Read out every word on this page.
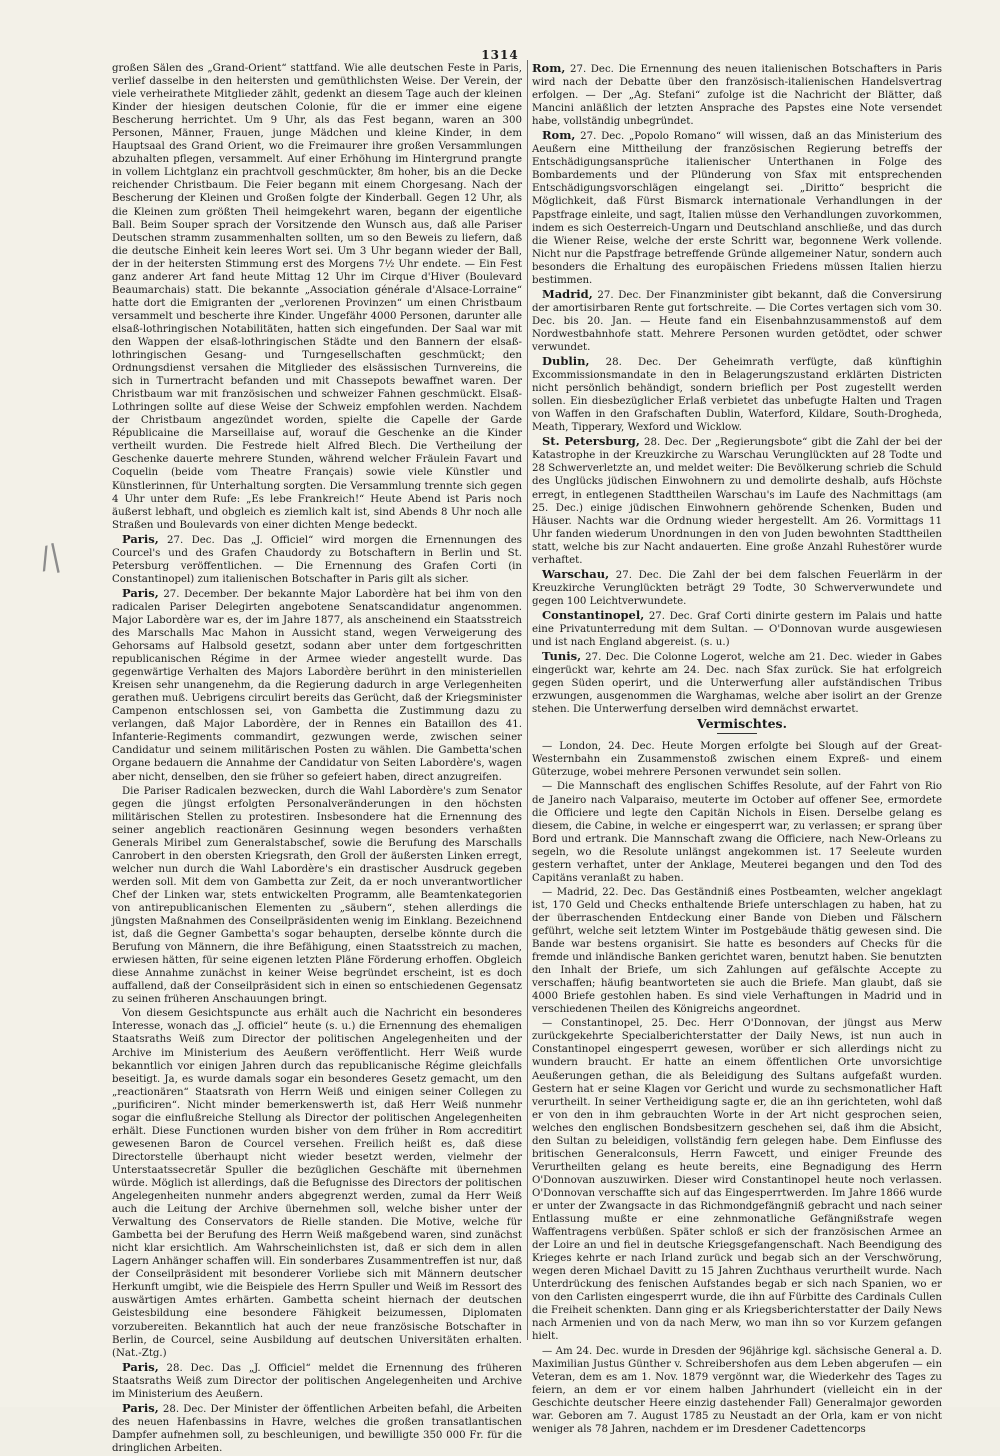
1314
/|

großen Sälen des „Grand-Orient“ stattfand. Wie alle deutschen Feste in Paris, verlief dasselbe in den heitersten und gemüthlichsten Weise. Der Verein, der viele verheirathete Mitglieder zählt, gedenkt an diesem Tage auch der kleinen Kinder der hiesigen deutschen Colonie, für die er immer eine eigene Bescherung herrichtet. Um 9 Uhr, als das Fest begann, waren an 300 Personen, Männer, Frauen, junge Mädchen und kleine Kinder, in dem Hauptsaal des Grand Orient, wo die Freimaurer ihre großen Versammlungen abzuhalten pflegen, versammelt. Auf einer Erhöhung im Hintergrund prangte in vollem Lichtglanz ein prachtvoll geschmückter, 8m hoher, bis an die Decke reichender Christbaum. Die Feier begann mit einem Chorgesang. Nach der Bescherung der Kleinen und Großen folgte der Kinderball. Gegen 12 Uhr, als die Kleinen zum größten Theil heimgekehrt waren, begann der eigentliche Ball. Beim Souper sprach der Vorsitzende den Wunsch aus, daß alle Pariser Deutschen stramm zusammenhalten sollten, um so den Beweis zu liefern, daß die deutsche Einheit kein leeres Wort sei. Um 3 Uhr begann wieder der Ball, der in der heitersten Stimmung erst des Morgens 7½ Uhr endete. — Ein Fest ganz anderer Art fand heute Mittag 12 Uhr im Cirque d'Hiver (Boulevard Beaumarchais) statt. Die bekannte „Association générale d'Alsace-Lorraine“ hatte dort die Emigranten der „verlorenen Provinzen“ um einen Christbaum versammelt und bescherte ihre Kinder. Ungefähr 4000 Personen, darunter alle elsaß-lothringischen Notabilitäten, hatten sich eingefunden. Der Saal war mit den Wappen der elsaß-lothringischen Städte und den Bannern der elsaß-lothringischen Gesang- und Turngesellschaften geschmückt; den Ordnungsdienst versahen die Mitglieder des elsässischen Turnvereins, die sich in Turnertracht befanden und mit Chassepots bewaffnet waren. Der Christbaum war mit französischen und schweizer Fahnen geschmückt. Elsaß-Lothringen sollte auf diese Weise der Schweiz empfohlen werden. Nachdem der Christbaum angezündet worden, spielte die Capelle der Garde Républicaine die Marseillaise auf, worauf die Geschenke an die Kinder vertheilt wurden. Die Festrede hielt Alfred Blech. Die Vertheilung der Geschenke dauerte mehrere Stunden, während welcher Fräulein Favart und Coquelin (beide vom Theatre Français) sowie viele Künstler und Künstlerinnen, für Unterhaltung sorgten. Die Versammlung trennte sich gegen 4 Uhr unter dem Rufe: „Es lebe Frankreich!“ Heute Abend ist Paris noch äußerst lebhaft, und obgleich es ziemlich kalt ist, sind Abends 8 Uhr noch alle Straßen und Boulevards von einer dichten Menge bedeckt.

Paris, 27. Dec. Das „J. Officiel“ wird morgen die Ernennungen des Courcel's und des Grafen Chaudordy zu Botschaftern in Berlin und St. Petersburg veröffentlichen. — Die Ernennung des Grafen Corti (in Constantinopel) zum italienischen Botschafter in Paris gilt als sicher.

Paris, 27. December. Der bekannte Major Labordère hat bei ihm von den radicalen Pariser Delegirten angebotene Senatscandidatur angenommen. Major Labordère war es, der im Jahre 1877, als anscheinend ein Staatsstreich des Marschalls Mac Mahon in Aussicht stand, wegen Verweigerung des Gehorsams auf Halbsold gesetzt, sodann aber unter dem fortgeschritten republicanischen Régime in der Armee wieder angestellt wurde. Das gegenwärtige Verhalten des Majors Labordère berührt in den ministeriellen Kreisen sehr unangenehm, da die Regierung dadurch in arge Verlegenheiten gerathen muß. Uebrigens circulirt bereits das Gerücht, daß der Kriegsminister Campenon entschlossen sei, von Gambetta die Zustimmung dazu zu verlangen, daß Major Labordère, der in Rennes ein Bataillon des 41. Infanterie-Regiments commandirt, gezwungen werde, zwischen seiner Candidatur und seinem militärischen Posten zu wählen. Die Gambetta'schen Organe bedauern die Annahme der Candidatur von Seiten Labordère's, wagen aber nicht, denselben, den sie früher so gefeiert haben, direct anzugreifen.

Die Pariser Radicalen bezwecken, durch die Wahl Labordère's zum Senator gegen die jüngst erfolgten Personalveränderungen in den höchsten militärischen Stellen zu protestiren. Insbesondere hat die Ernennung des seiner angeblich reactionären Gesinnung wegen besonders verhaßten Generals Miribel zum Generalstabschef, sowie die Berufung des Marschalls Canrobert in den obersten Kriegsrath, den Groll der äußersten Linken erregt, welcher nun durch die Wahl Labordère's ein drastischer Ausdruck gegeben werden soll. Mit dem von Gambetta zur Zeit, da er noch unverantwortlicher Chef der Linken war, stets entwickelten Programm, alle Beamtenkategorien von antirepublicanischen Elementen zu „säubern“, stehen allerdings die jüngsten Maßnahmen des Conseilpräsidenten wenig im Einklang. Bezeichnend ist, daß die Gegner Gambetta's sogar behaupten, derselbe könnte durch die Berufung von Männern, die ihre Befähigung, einen Staatsstreich zu machen, erwiesen hätten, für seine eigenen letzten Pläne Förderung erhoffen. Obgleich diese Annahme zunächst in keiner Weise begründet erscheint, ist es doch auffallend, daß der Conseilpräsident sich in einen so entschiedenen Gegensatz zu seinen früheren Anschauungen bringt.

Von diesem Gesichtspuncte aus erhält auch die Nachricht ein besonderes Interesse, wonach das „J. officiel“ heute (s. u.) die Ernennung des ehemaligen Staatsraths Weiß zum Director der politischen Angelegenheiten und der Archive im Ministerium des Aeußern veröffentlicht. Herr Weiß wurde bekanntlich vor einigen Jahren durch das republicanische Régime gleichfalls beseitigt. Ja, es wurde damals sogar ein besonderes Gesetz gemacht, um den „reactionären“ Staatsrath von Herrn Weiß und einigen seiner Collegen zu „purificiren“. Nicht minder bemerkenswerth ist, daß Herr Weiß nunmehr sogar die einflußreiche Stellung als Director der politischen Angelegenheiten erhält. Diese Functionen wurden bisher von dem früher in Rom accreditirt gewesenen Baron de Courcel versehen. Freilich heißt es, daß diese Directorstelle überhaupt nicht wieder besetzt werden, vielmehr der Unterstaatssecretär Spuller die bezüglichen Geschäfte mit übernehmen würde. Möglich ist allerdings, daß die Befugnisse des Directors der politischen Angelegenheiten nunmehr anders abgegrenzt werden, zumal da Herr Weiß auch die Leitung der Archive übernehmen soll, welche bisher unter der Verwaltung des Conservators de Rielle standen. Die Motive, welche für Gambetta bei der Berufung des Herrn Weiß maßgebend waren, sind zunächst nicht klar ersichtlich. Am Wahrscheinlichsten ist, daß er sich dem in allen Lagern Anhänger schaffen will. Ein sonderbares Zusammentreffen ist nur, daß der Conseilpräsident mit besonderer Vorliebe sich mit Männern deutscher Herkunft umgibt, wie die Beispiele des Herrn Spuller und Weiß im Ressort des auswärtigen Amtes erhärten. Gambetta scheint hiernach der deutschen Geistesbildung eine besondere Fähigkeit beizumessen, Diplomaten vorzubereiten. Bekanntlich hat auch der neue französische Botschafter in Berlin, de Courcel, seine Ausbildung auf deutschen Universitäten erhalten. (Nat.-Ztg.)

Paris, 28. Dec. Das „J. Officiel“ meldet die Ernennung des früheren Staatsraths Weiß zum Director der politischen Angelegenheiten und Archive im Ministerium des Aeußern.

Paris, 28. Dec. Der Minister der öffentlichen Arbeiten befahl, die Arbeiten des neuen Hafenbassins in Havre, welches die großen transatlantischen Dampfer aufnehmen soll, zu beschleunigen, und bewilligte 350 000 Fr. für die dringlichen Arbeiten.

Rom, 27. Dec. Die Ernennung des neuen italienischen Botschafters in Paris wird nach der Debatte über den französisch-italienischen Handelsvertrag erfolgen. — Der „Ag. Stefani“ zufolge ist die Nachricht der Blätter, daß Mancini anläßlich der letzten Ansprache des Papstes eine Note versendet habe, vollständig unbegründet.

Rom, 27. Dec. „Popolo Romano“ will wissen, daß an das Ministerium des Aeußern eine Mittheilung der französischen Regierung betreffs der Entschädigungsansprüche italienischer Unterthanen in Folge des Bombardements und der Plünderung von Sfax mit entsprechenden Entschädigungsvorschlägen eingelangt sei. „Diritto“ bespricht die Möglichkeit, daß Fürst Bismarck internationale Verhandlungen in der Papstfrage einleite, und sagt, Italien müsse den Verhandlungen zuvorkommen, indem es sich Oesterreich-Ungarn und Deutschland anschließe, und das durch die Wiener Reise, welche der erste Schritt war, begonnene Werk vollende. Nicht nur die Papstfrage betreffende Gründe allgemeiner Natur, sondern auch besonders die Erhaltung des europäischen Friedens müssen Italien hierzu bestimmen.

Madrid, 27. Dec. Der Finanzminister gibt bekannt, daß die Conversirung der amortisirbaren Rente gut fortschreite. — Die Cortes vertagen sich vom 30. Dec. bis 20. Jan. — Heute fand ein Eisenbahnzusammenstoß auf dem Nordwestbahnhofe statt. Mehrere Personen wurden getödtet, oder schwer verwundet.

Dublin, 28. Dec. Der Geheimrath verfügte, daß künftighin Excommissionsmandate in den in Belagerungszustand erklärten Districten nicht persönlich behändigt, sondern brieflich per Post zugestellt werden sollen. Ein diesbezüglicher Erlaß verbietet das unbefugte Halten und Tragen von Waffen in den Grafschaften Dublin, Waterford, Kildare, South-Drogheda, Meath, Tipperary, Wexford und Wicklow.

St. Petersburg, 28. Dec. Der „Regierungsbote“ gibt die Zahl der bei der Katastrophe in der Kreuzkirche zu Warschau Verunglückten auf 28 Todte und 28 Schwerverletzte an, und meldet weiter: Die Bevölkerung schrieb die Schuld des Unglücks jüdischen Einwohnern zu und demolirte deshalb, aufs Höchste erregt, in entlegenen Stadttheilen Warschau's im Laufe des Nachmittags (am 25. Dec.) einige jüdischen Einwohnern gehörende Schenken, Buden und Häuser. Nachts war die Ordnung wieder hergestellt. Am 26. Vormittags 11 Uhr fanden wiederum Unordnungen in den von Juden bewohnten Stadttheilen statt, welche bis zur Nacht andauerten. Eine große Anzahl Ruhestörer wurde verhaftet.

Warschau, 27. Dec. Die Zahl der bei dem falschen Feuerlärm in der Kreuzkirche Verunglückten beträgt 29 Todte, 30 Schwerverwundete und gegen 100 Leichtverwundete.

Constantinopel, 27. Dec. Graf Corti dinirte gestern im Palais und hatte eine Privatunterredung mit dem Sultan. — O'Donnovan wurde ausgewiesen und ist nach England abgereist. (s. u.)

Tunis, 27. Dec. Die Colonne Logerot, welche am 21. Dec. wieder in Gabes eingerückt war, kehrte am 24. Dec. nach Sfax zurück. Sie hat erfolgreich gegen Süden operirt, und die Unterwerfung aller aufständischen Tribus erzwungen, ausgenommen die Warghamas, welche aber isolirt an der Grenze stehen. Die Unterwerfung derselben wird demnächst erwartet.

Vermischtes.

— London, 24. Dec. Heute Morgen erfolgte bei Slough auf der Great-Westernbahn ein Zusammenstoß zwischen einem Expreß- und einem Güterzuge, wobei mehrere Personen verwundet sein sollen.

— Die Mannschaft des englischen Schiffes Resolute, auf der Fahrt von Rio de Janeiro nach Valparaiso, meuterte im October auf offener See, ermordete die Officiere und legte den Capitän Nichols in Eisen. Derselbe gelang es diesem, die Cabine, in welche er eingesperrt war, zu verlassen; er sprang über Bord und ertrank. Die Mannschaft zwang die Officiere, nach New-Orleans zu segeln, wo die Resolute unlängst angekommen ist. 17 Seeleute wurden gestern verhaftet, unter der Anklage, Meuterei begangen und den Tod des Capitäns veranlaßt zu haben.

— Madrid, 22. Dec. Das Geständniß eines Postbeamten, welcher angeklagt ist, 170 Geld und Checks enthaltende Briefe unterschlagen zu haben, hat zu der überraschenden Entdeckung einer Bande von Dieben und Fälschern geführt, welche seit letztem Winter im Postgebäude thätig gewesen sind. Die Bande war bestens organisirt. Sie hatte es besonders auf Checks für die fremde und inländische Banken gerichtet waren, benutzt haben. Sie benutzten den Inhalt der Briefe, um sich Zahlungen auf gefälschte Accepte zu verschaffen; häufig beantworteten sie auch die Briefe. Man glaubt, daß sie 4000 Briefe gestohlen haben. Es sind viele Verhaftungen in Madrid und in verschiedenen Theilen des Königreichs angeordnet.

— Constantinopel, 25. Dec. Herr O'Donnovan, der jüngst aus Merw zurückgekehrte Specialberichterstatter der Daily News, ist nun auch in Constantinopel eingesperrt gewesen, worüber er sich allerdings nicht zu wundern braucht. Er hatte an einem öffentlichen Orte unvorsichtige Aeußerungen gethan, die als Beleidigung des Sultans aufgefaßt wurden. Gestern hat er seine Klagen vor Gericht und wurde zu sechsmonatlicher Haft verurtheilt. In seiner Vertheidigung sagte er, die an ihn gerichteten, wohl daß er von den in ihm gebrauchten Worte in der Art nicht gesprochen seien, welches den englischen Bondsbesitzern geschehen sei, daß ihm die Absicht, den Sultan zu beleidigen, vollständig fern gelegen habe. Dem Einflusse des britischen Generalconsuls, Herrn Fawcett, und einiger Freunde des Verurtheilten gelang es heute bereits, eine Begnadigung des Herrn O'Donnovan auszuwirken. Dieser wird Constantinopel heute noch verlassen. O'Donnovan verschaffte sich auf das Eingesperrtwerden. Im Jahre 1866 wurde er unter der Zwangsacte in das Richmondgefängniß gebracht und nach seiner Entlassung mußte er eine zehnmonatliche Gefängnißstrafe wegen Waffentragens verbüßen. Später schloß er sich der französischen Armee an der Loire an und fiel in deutsche Kriegsgefangenschaft. Nach Beendigung des Krieges kehrte er nach Irland zurück und begab sich an der Verschwörung, wegen deren Michael Davitt zu 15 Jahren Zuchthaus verurtheilt wurde. Nach Unterdrückung des fenischen Aufstandes begab er sich nach Spanien, wo er von den Carlisten eingesperrt wurde, die ihn auf Fürbitte des Cardinals Cullen die Freiheit schenkten. Dann ging er als Kriegsberichterstatter der Daily News nach Armenien und von da nach Merw, wo man ihn so vor Kurzem gefangen hielt.

— Am 24. Dec. wurde in Dresden der 96jährige kgl. sächsische General a. D. Maximilian Justus Günther v. Schreibershofen aus dem Leben abgerufen — ein Veteran, dem es am 1. Nov. 1879 vergönnt war, die Wiederkehr des Tages zu feiern, an dem er vor einem halben Jahrhundert (vielleicht ein in der Geschichte deutscher Heere einzig dastehender Fall) Generalmajor geworden war. Geboren am 7. August 1785 zu Neustadt an der Orla, kam er von nicht weniger als 78 Jahren, nachdem er im Dresdener Cadettencorps
